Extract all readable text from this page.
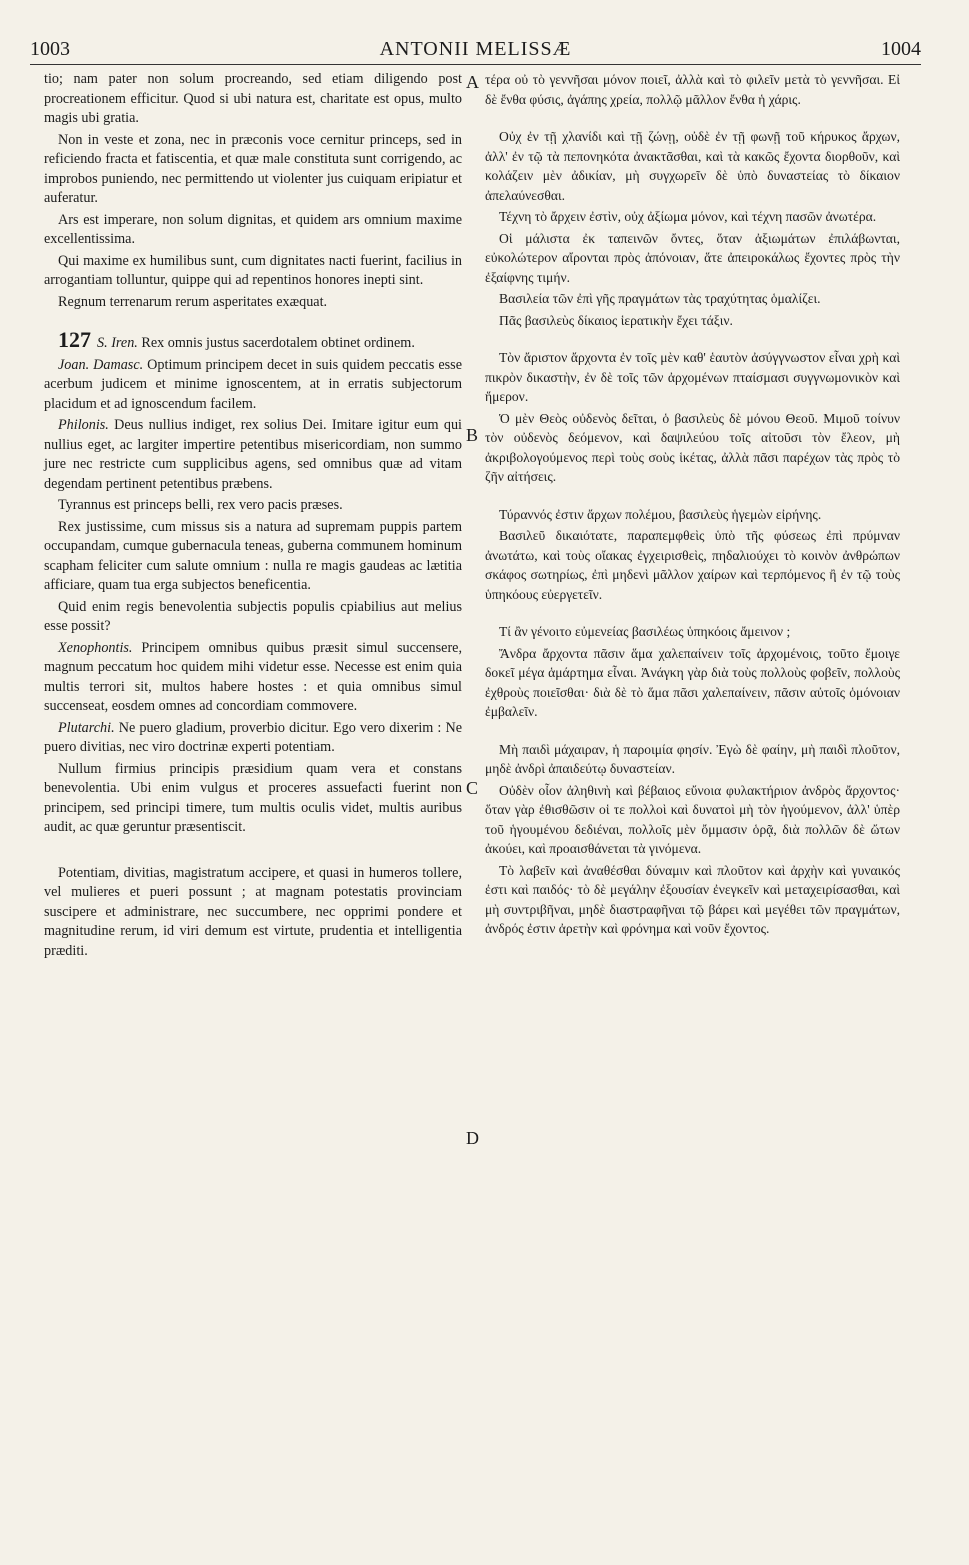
1003	ANTONII MELISSÆ	1004

tio; nam pater non solum procreando, sed etiam diligendo post procreationem efficitur. Quod si ubi natura est, charitate est opus, multo magis ubi gratia.

Non in veste et zona, nec in præconis voce cernitur princeps, sed in reficiendo fracta et fatiscentia, et quæ male constituta sunt corrigendo, ac improbos puniendo, nec permittendo ut violenter jus cuiquam eripiatur et auferatur.

Ars est imperare, non solum dignitas, et quidem ars omnium maxime excellentissima.

Qui maxime ex humilibus sunt, cum dignitates nacti fuerint, facilius in arrogantiam tolluntur, quippe qui ad repentinos honores inepti sint.

Regnum terrenarum rerum asperitates exæquat.

127 S. Iren. Rex omnis justus sacerdotalem obtinet ordinem.

Joan. Damasc. Optimum principem decet in suis quidem peccatis esse acerbum judicem et minime ignoscentem, at in erratis subjectorum placidum et ad ignoscendum facilem.

Philonis. Deus nullius indiget, rex solius Dei. Imitare igitur eum qui nullius eget, ac largiter impertire petentibus misericordiam, non summo jure nec restricte cum supplicibus agens, sed omnibus quæ ad vitam degendam pertinent petentibus præbens.

Tyrannus est princeps belli, rex vero pacis præses.

Rex justissime, cum missus sis a natura ad supremam puppis partem occupandam, cumque gubernacula teneas, guberna communem hominum scapham feliciter cum salute omnium : nulla re magis gaudeas ac lætitia afficiare, quam tua erga subjectos beneficentia.

Quid enim regis benevolentia subjectis populis cpiabilius aut melius esse possit?

Xenophontis. Principem omnibus quibus præsit simul succensere, magnum peccatum hoc quidem mihi videtur esse. Necesse est enim quia multis terrori sit, multos habere hostes : et quia omnibus simul succenseat, eosdem omnes ad concordiam commovere.

Plutarchi. Ne puero gladium, proverbio dicitur. Ego vero dixerim : Ne puero divitias, nec viro doctrinæ experti potentiam.

Nullum firmius principis præsidium quam vera et constans benevolentia. Ubi enim vulgus et proceres assuefacti fuerint non principem, sed principi timere, tum multis oculis videt, multis auribus audit, ac quæ geruntur præsentiscit.

Potentiam, divitias, magistratum accipere, et quasi in humeros tollere, vel mulieres et pueri possunt ; at magnam potestatis provinciam suscipere et administrare, nec succumbere, nec opprimi pondere et magnitudine rerum, id viri demum est virtute, prudentia et intelligentia præditi.

τέρα οὐ τὸ γεννῆσαι μόνον ποιεῖ, ἀλλὰ καὶ τὸ φιλεῖν μετὰ τὸ γεννῆσαι. Εἰ δὲ ἔνθα φύσις, ἀγάπης χρεία, πολλῷ μᾶλλον ἔνθα ἡ χάρις.

Οὐχ ἐν τῇ χλανίδι καὶ τῇ ζώνῃ, οὐδὲ ἐν τῇ φωνῇ τοῦ κήρυκος ἄρχων, ἀλλ' ἐν τῷ τὰ πεπονηκότα ἀνακτᾶσθαι, καὶ τὰ κακῶς ἔχοντα διορθοῦν, καὶ κολάζειν μὲν ἀδικίαν, μὴ συγχωρεῖν δὲ ὑπὸ δυναστείας τὸ δίκαιον ἀπελαύνεσθαι.

Τέχνη τὸ ἄρχειν ἐστὶν, οὐχ ἀξίωμα μόνον, καὶ τέχνη πασῶν ἀνωτέρα.

Οἱ μάλιστα ἐκ ταπεινῶν ὄντες, ὅταν ἀξιωμάτων ἐπιλάβωνται, εὐκολώτερον αἴρονται πρὸς ἀπόνοιαν, ἅτε ἀπειροκάλως ἔχοντες πρὸς τὴν ἐξαίφνης τιμήν.

Βασιλεία τῶν ἐπὶ γῆς πραγμάτων τὰς τραχύτητας ὁμαλίζει.

Πᾶς βασιλεὺς δίκαιος ἱερατικὴν ἔχει τάξιν.

Τὸν ἄριστον ἄρχοντα ἐν τοῖς μὲν καθ' ἑαυτὸν ἀσύγγνωστον εἶναι χρὴ καὶ πικρὸν δικαστὴν, ἐν δὲ τοῖς τῶν ἀρχομένων πταίσμασι συγγνωμονικὸν καὶ ἥμερον.

Ὁ μὲν Θεὸς οὐδενὸς δεῖται, ὁ βασιλεὺς δὲ μόνου Θεοῦ. Μιμοῦ τοίνυν τὸν οὐδενὸς δεόμενον, καὶ δαψιλεύου τοῖς αἰτοῦσι τὸν ἔλεον, μὴ ἀκριβολογούμενος περὶ τοὺς σοὺς ἱκέτας, ἀλλὰ πᾶσι παρέχων τὰς πρὸς τὸ ζῆν αἰτήσεις.

Τύραννός ἐστιν ἄρχων πολέμου, βασιλεὺς ἡγεμὼν εἰρήνης.

Βασιλεῦ δικαιότατε, παραπεμφθεὶς ὑπὸ τῆς φύσεως ἐπὶ πρύμναν ἀνωτάτω, καὶ τοὺς οἴακας ἐγχειρισθεὶς, πηδαλιούχει τὸ κοινὸν ἀνθρώπων σκάφος σωτηρίως, ἐπὶ μηδενὶ μᾶλλον χαίρων καὶ τερπόμενος ἢ ἐν τῷ τοὺς ὑπηκόους εὐεργετεῖν.

Τί ἂν γένοιτο εὐμενείας βασιλέως ὑπηκόοις ἄμεινον ;

Ἄνδρα ἄρχοντα πᾶσιν ἅμα χαλεπαίνειν τοῖς ἀρχομένοις, τοῦτο ἔμοιγε δοκεῖ μέγα ἁμάρτημα εἶναι. Ἀνάγκη γὰρ διὰ τοὺς πολλοὺς φοβεῖν, πολλοὺς ἐχθροὺς ποιεῖσθαι· διὰ δὲ τὸ ἅμα πᾶσι χαλεπαίνειν, πᾶσιν αὐτοῖς ὁμόνοιαν ἐμβαλεῖν.

Μὴ παιδὶ μάχαιραν, ἡ παροιμία φησίν. Ἐγὼ δὲ φαίην, μὴ παιδὶ πλοῦτον, μηδὲ ἀνδρὶ ἀπαιδεύτῳ δυναστείαν.

Οὐδὲν οἷον ἀληθινὴ καὶ βέβαιος εὔνοια φυλακτήριον ἀνδρὸς ἄρχοντος· ὅταν γὰρ ἐθισθῶσιν οἱ τε πολλοὶ καὶ δυνατοὶ μὴ τὸν ἡγούμενον, ἀλλ' ὑπὲρ τοῦ ἡγουμένου δεδιέναι, πολλοῖς μὲν ὄμμασιν ὁρᾷ, διὰ πολλῶν δὲ ὤτων ἀκούει, καὶ προαισθάνεται τὰ γινόμενα.

Τὸ λαβεῖν καὶ ἀναθέσθαι δύναμιν καὶ πλοῦτον καὶ ἀρχὴν καὶ γυναικός ἐστι καὶ παιδός· τὸ δὲ μεγάλην ἐξουσίαν ἐνεγκεῖν καὶ μεταχειρίσασθαι, καὶ μὴ συντριβῆναι, μηδὲ διαστραφῆναι τῷ βάρει καὶ μεγέθει τῶν πραγμάτων, ἀνδρός ἐστιν ἀρετὴν καὶ φρόνημα καὶ νοῦν ἔχοντος.

A
B
C
D
